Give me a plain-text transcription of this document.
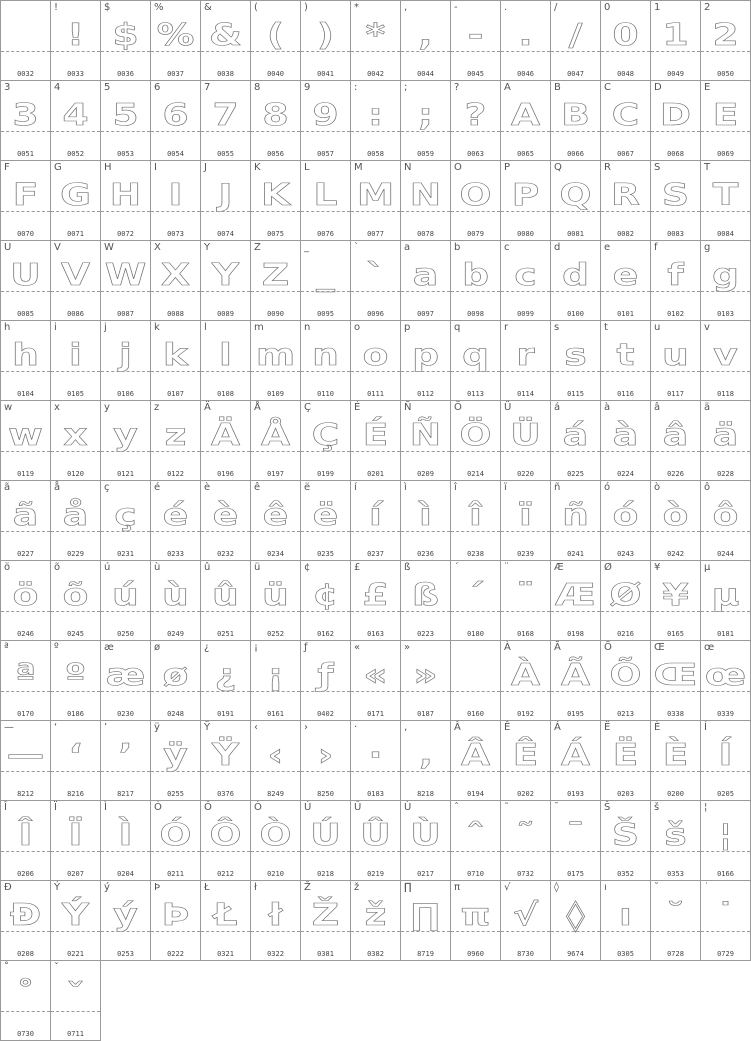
0032
!
!
0033
$
$
0036
%
%
0037
&
&
0038
(
(
0040
)
)
0041
*
*
0042
,
,
0044
-
-
0045
.
.
0046
/
/
0047
0
0
0048
1
1
0049
2
2
0050
3
3
0051
4
4
0052
5
5
0053
6
6
0054
7
7
0055
8
8
0056
9
9
0057
:
:
0058
;
;
0059
?
?
0063
A
A
0065
B
B
0066
C
C
0067
D
D
0068
E
E
0069
F
F
0070
G
G
0071
H
H
0072
I
I
0073
J
J
0074
K
K
0075
L
L
0076
M
M
0077
N
N
0078
O
O
0079
P
P
0080
Q
Q
0081
R
R
0082
S
S
0083
T
T
0084
U
U
0085
V
V
0086
W
W
0087
X
X
0088
Y
Y
0089
Z
Z
0090
_
_
0095
`
`
0096
a
a
0097
b
b
0098
c
c
0099
d
d
0100
e
e
0101
f
f
0102
g
g
0103
h
h
0104
i
i
0105
j
j
0106
k
k
0107
l
l
0108
m
m
0109
n
n
0110
o
o
0111
p
p
0112
q
q
0113
r
r
0114
s
s
0115
t
t
0116
u
u
0117
v
v
0118
w
w
0119
x
x
0120
y
y
0121
z
z
0122
Ä
Ä
0196
Å
Å
0197
Ç
Ç
0199
É
É
0201
Ñ
Ñ
0209
Ö
Ö
0214
Ü
Ü
0220
á
á
0225
à
à
0224
â
â
0226
ä
ä
0228
ã
ã
0227
å
å
0229
ç
ç
0231
é
é
0233
è
è
0232
ê
ê
0234
ë
ë
0235
í
í
0237
ì
ì
0236
î
î
0238
ï
ï
0239
ñ
ñ
0241
ó
ó
0243
ò
ò
0242
ô
ô
0244
ö
ö
0246
õ
õ
0245
ú
ú
0250
ù
ù
0249
û
û
0251
ü
ü
0252
¢
¢
0162
£
£
0163
ß
ß
0223
´
´
0180
¨
¨
0168
Æ
Æ
0198
Ø
Ø
0216
¥
¥
0165
µ
µ
0181
ª
ª
0170
º
º
0186
æ
æ
0230
ø
ø
0248
¿
¿
0191
¡
¡
0161
ƒ
ƒ
0402
«
«
0171
»
»
0187	0160
À
À
0192
Ã
Ã
0195
Õ
Õ
0213
Œ
Œ
0338
œ
œ
0339
—
—
8212
‘
‘
8216
’
’
8217
ÿ
ÿ
0255
Ÿ
Ÿ
0376
‹
‹
8249
›
›
8250
·
·
0183
‚
‚
8218
Â
Â
0194
Ê
Ê
0202
Á
Á
0193
Ë
Ë
0203
È
È
0200
Í
Í
0205
Î
Î
0206
Ï
Ï
0207
Ì
Ì
0204
Ó
Ó
0211
Ô
Ô
0212
Ò
Ò
0210
Ú
Ú
0218
Û
Û
0219
Ù
Ù
0217
ˆ
ˆ
0710
˜
˜
0732
¯
¯
0175
Š
Š
0352
š
š
0353
¦
¦
0166
Ð
Ð
0208
Ý
Ý
0221
ý
ý
0253
Þ
Þ
0222
Ł
Ł
0321
ł
ł
0322
Ž
Ž
0381
ž
ž
0382
∏
∏
8719
π
π
0960
√
√
8730
◊
◊
9674
ı
ı
0305
˘
˘
0728
˙
˙
0729
˚
˚
0730
ˇ
ˇ
0711
